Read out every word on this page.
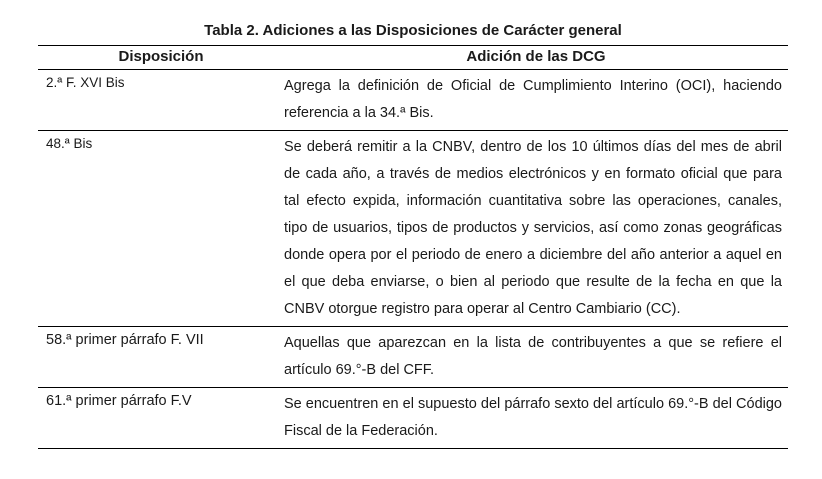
Tabla 2. Adiciones a las Disposiciones de Carácter general
Disposición	Adición de las DCG
2.ª F. XVI Bis	Agrega la definición de Oficial de Cumplimiento Interino (OCI), haciendo referencia a la 34.ª Bis.
48.ª Bis	Se deberá remitir a la CNBV, dentro de los 10 últimos días del mes de abril de cada año, a través de medios electrónicos y en formato oficial que para tal efecto expida, información cuantitativa sobre las operaciones, canales, tipo de usuarios, tipos de productos y servicios, así como zonas geográficas donde opera por el periodo de enero a diciembre del año anterior a aquel en el que deba enviarse, o bien al periodo que resulte de la fecha en que la CNBV otorgue registro para operar al Centro Cambiario (CC).
58.ª primer párrafo F. VII	Aquellas que aparezcan en la lista de contribuyentes a que se refiere el artículo 69.°-B del CFF.
61.ª primer párrafo F.V	Se encuentren en el supuesto del párrafo sexto del artículo 69.°-B del Código Fiscal de la Federación.
